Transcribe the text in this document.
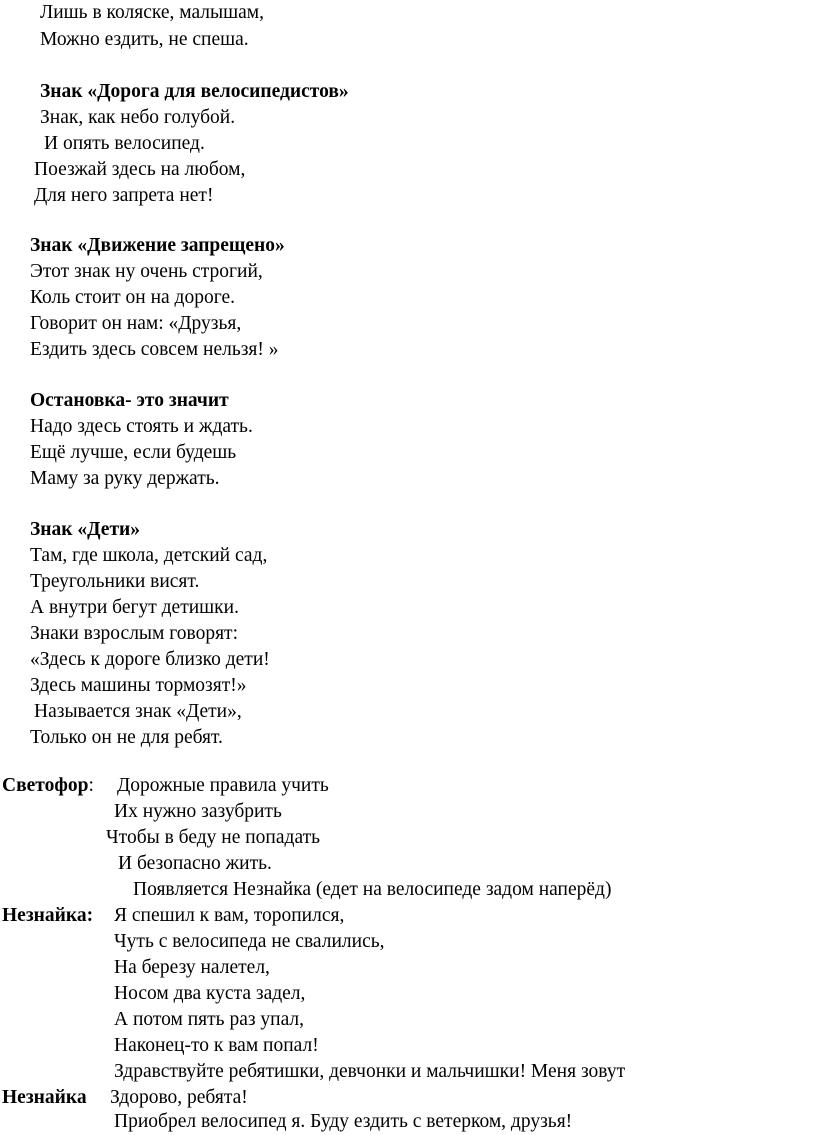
Лишь в коляске, малышам,
Можно ездить, не спеша.
Знак «Дорога для велосипедистов»
Знак, как небо голубой.
И опять велосипед.
Поезжай здесь на любом,
Для него запрета нет!
Знак «Движение запрещено»
Этот знак ну очень строгий,
Коль стоит он на дороге.
Говорит он нам: «Друзья,
Ездить здесь совсем нельзя! »
Остановка- это значит
Надо здесь стоять и ждать.
Ещё лучше, если будешь
Маму за руку держать.
Знак «Дети»
Там, где школа, детский сад,
Треугольники висят.
А внутри бегут детишки.
Знаки взрослым говорят:
«Здесь к дороге близко дети!
Здесь машины тормозят!»
Называется знак «Дети»,
Только он не для ребят.
Светофор: Дорожные правила учить
Их нужно зазубрить
Чтобы в беду не попадать
И безопасно жить.
Появляется Незнайка (едет на велосипеде задом наперёд)
Незнайка: Я спешил к вам, торопился,
Чуть с велосипеда не свалились,
На березу налетел,
Носом два куста задел,
А потом пять раз упал,
Наконец-то к вам попал!
Здравствуйте ребятишки, девчонки и мальчишки! Меня зовут
Незнайка Здорово, ребята!
Приобрел велосипед я. Буду ездить с ветерком, друзья!
